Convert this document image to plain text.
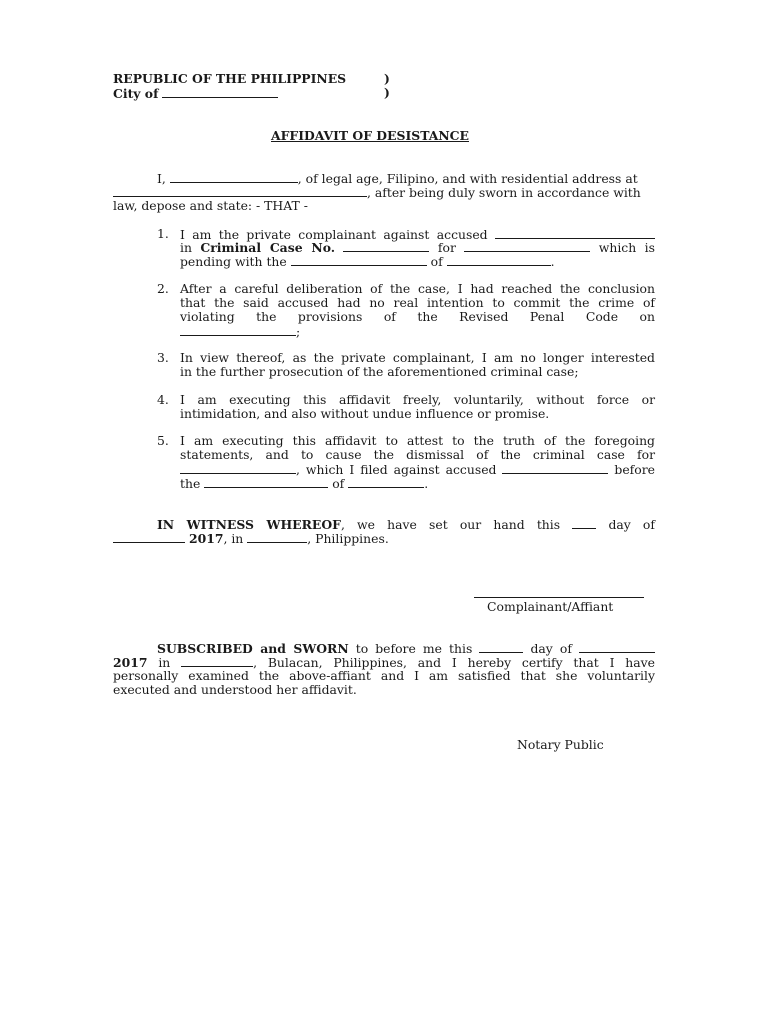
REPUBLIC OF THE PHILIPPINES	)
City of	)
AFFIDAVIT OF DESISTANCE
I,	, of legal age, Filipino, and with residential address at
, after being duly sworn in accordance with
law, depose and state: - THAT -
1. I am the private complainant against accused
in Criminal Case No.	for	which is
pending with the	of	.
2. After a careful deliberation of the case, I had reached the conclusion
that the said accused had no real intention to commit the crime of
violating the provisions of the Revised Penal Code on
;
3. In view thereof, as the private complainant, I am no longer interested
in the further prosecution of the aforementioned criminal case;
4. I am executing this affidavit freely, voluntarily, without force or
intimidation, and also without undue influence or promise.
5. I am executing this affidavit to attest to the truth of the foregoing
statements, and to cause the dismissal of the criminal case for
, which I filed against accused	before
the	of	.
IN WITNESS WHEREOF, we have set our hand this	day of
2017, in	, Philippines.
Complainant/Affiant
SUBSCRIBED and SWORN to before me this	day of
2017 in	, Bulacan, Philippines, and I hereby certify that I have
personally examined the above-affiant and I am satisfied that she voluntarily
executed and understood her affidavit.
Notary Public
